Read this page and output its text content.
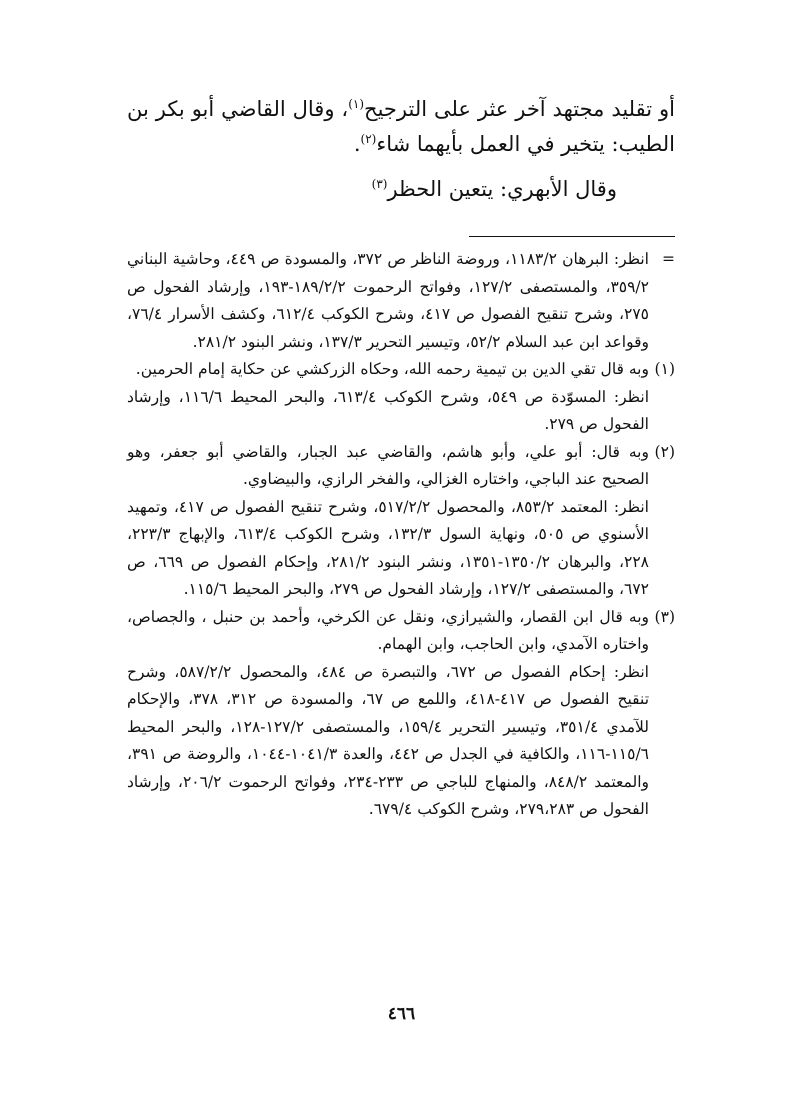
أو تقليد مجتهد آخر عثر على الترجيح$^{(١)}$، وقال القاضي أبو بكر بن الطيب: يتخير في العمل بأيهما شاء$^{(٢)}$.

وقال الأبهري: يتعين الحظر$^{(٣)}$

=

انظر: البرهان ١١٨٣/٢، وروضة الناظر ص ٣٧٢، والمسودة ص ٤٤٩، وحاشية البناني ٣٥٩/٢، والمستصفى ١٢٧/٢، وفواتح الرحموت ١٨٩/٢/٢-١٩٣، وإرشاد الفحول ص ٢٧٥، وشرح تنقيح الفصول ص ٤١٧، وشرح الكوكب ٦١٢/٤، وكشف الأسرار ٧٦/٤، وقواعد ابن عبد السلام ٥٢/٢، وتيسير التحرير ١٣٧/٣، ونشر البنود ٢٨١/٢.

(١)

وبه قال تقي الدين بن تيمية رحمه الله، وحكاه الزركشي عن حكاية إمام الحرمين.

انظر: المسوّدة ص ٥٤٩، وشرح الكوكب ٦١٣/٤، والبحر المحيط ١١٦/٦، وإرشاد الفحول ص ٢٧٩.

(٢)

وبه قال: أبو علي، وأبو هاشم، والقاضي عبد الجبار، والقاضي أبو جعفر، وهو الصحيح عند الباجي، واختاره الغزالي، والفخر الرازي، والبيضاوي.

انظر: المعتمد ٨٥٣/٢، والمحصول ٥١٧/٢/٢، وشرح تنقيح الفصول ص ٤١٧، وتمهيد الأسنوي ص ٥٠٥، ونهاية السول ١٣٢/٣، وشرح الكوكب ٦١٣/٤، والإبهاج ٢٢٣/٣، ٢٢٨، والبرهان ١٣٥٠/٢-١٣٥١، ونشر البنود ٢٨١/٢، وإحكام الفصول ص ٦٦٩، ص ٦٧٢، والمستصفى ١٢٧/٢، وإرشاد الفحول ص ٢٧٩، والبحر المحيط ١١٥/٦.

(٣)

وبه قال ابن القصار، والشيرازي، ونقل عن الكرخي، وأحمد بن حنبل ، والجصاص، واختاره الآمدي، وابن الحاجب، وابن الهمام.

انظر: إحكام الفصول ص ٦٧٢، والتبصرة ص ٤٨٤، والمحصول ٥٨٧/٢/٢، وشرح تنقيح الفصول ص ٤١٧-٤١٨، واللمع ص ٦٧، والمسودة ص ٣١٢، ٣٧٨، والإحكام للآمدي ٣٥١/٤، وتيسير التحرير ١٥٩/٤، والمستصفى ١٢٧/٢-١٢٨، والبحر المحيط ١١٥/٦-١١٦، والكافية في الجدل ص ٤٤٢، والعدة ١٠٤١/٣-١٠٤٤، والروضة ص ٣٩١، والمعتمد ٨٤٨/٢، والمنهاج للباجي ص ٢٣٣-٢٣٤، وفواتح الرحموت ٢٠٦/٢، وإرشاد الفحول ص ٢٧٩،٢٨٣، وشرح الكوكب ٦٧٩/٤.

٤٦٦
